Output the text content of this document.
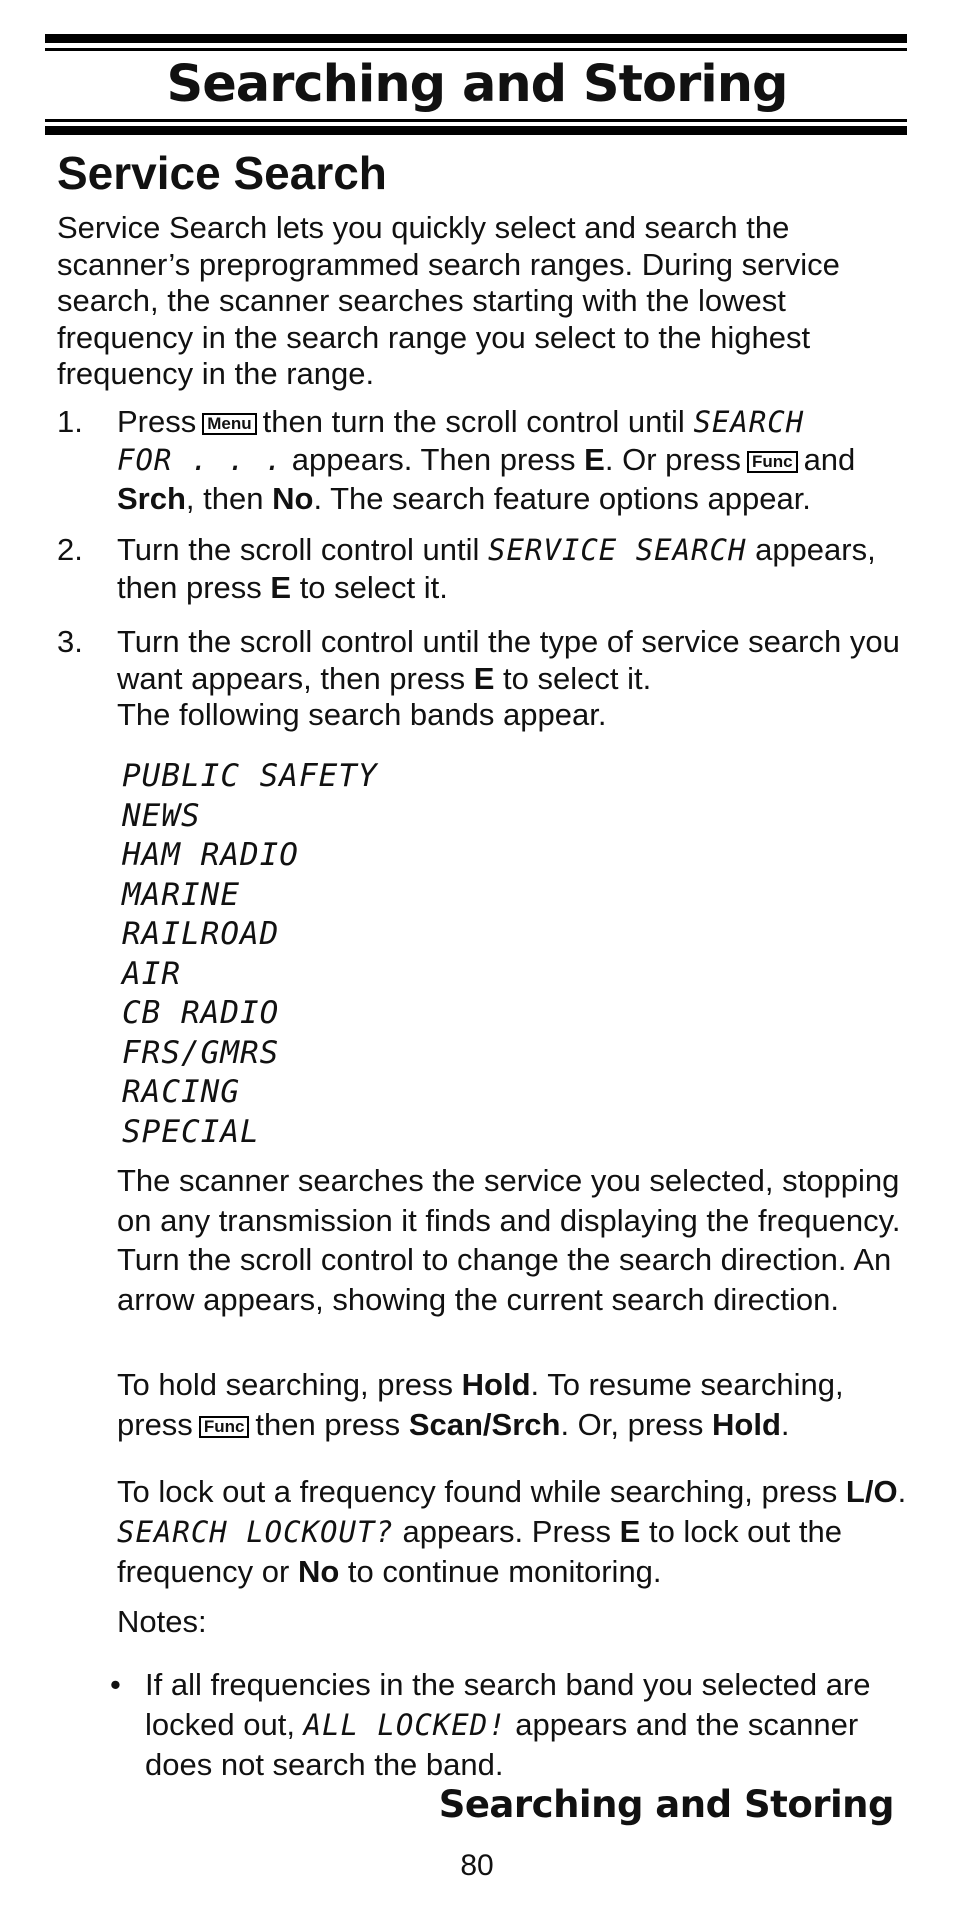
Searching and Storing
Service Search
Service Search lets you quickly select and search the scanner’s preprogrammed search ranges. During service search, the scanner searches starting with the lowest frequency in the search range you select to the highest frequency in the range.
1. Press Menu then turn the scroll control until SEARCH
FOR . . . appears. Then press E. Or press Func and
Srch, then No. The search feature options appear.
2. Turn the scroll control until SERVICE SEARCH appears,
then press E to select it.
3. Turn the scroll control until the type of service search you want appears, then press E to select it.
The following search bands appear.
PUBLIC SAFETY
NEWS
HAM RADIO
MARINE
RAILROAD
AIR
CB RADIO
FRS/GMRS
RACING
SPECIAL
The scanner searches the service you selected, stopping on any transmission it finds and displaying the frequency. Turn the scroll control to change the search direction. An arrow appears, showing the current search direction.
To hold searching, press Hold. To resume searching, press Func then press Scan/Srch. Or, press Hold.
To lock out a frequency found while searching, press L/O. SEARCH LOCKOUT? appears. Press E to lock out the frequency or No to continue monitoring.
Notes:
• If all frequencies in the search band you selected are locked out, ALL LOCKED! appears and the scanner does not search the band.
Searching and Storing
80
